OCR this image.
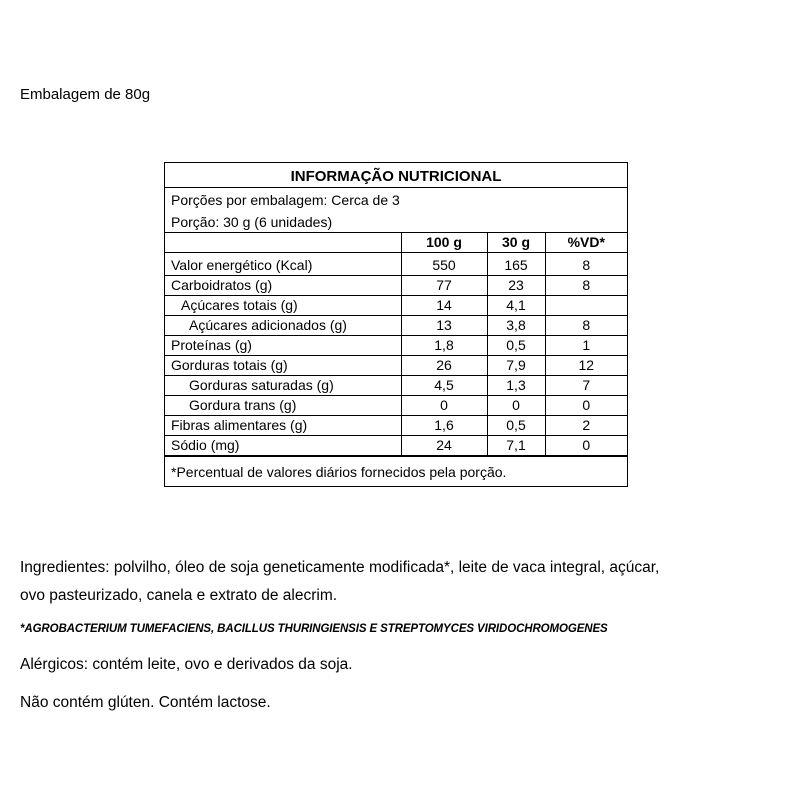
Embalagem de 80g
INFORMAÇÃO NUTRICIONAL
Porções por embalagem: Cerca de 3
Porção: 30 g (6 unidades)
	100 g	30 g	%VD*
Valor energético (Kcal)	550	165	8
Carboidratos (g)	77	23	8
Açúcares totais (g)	14	4,1	
Açúcares adicionados (g)	13	3,8	8
Proteínas (g)	1,8	0,5	1
Gorduras totais (g)	26	7,9	12
Gorduras saturadas (g)	4,5	1,3	7
Gordura trans (g)	0	0	0
Fibras alimentares (g)	1,6	0,5	2
Sódio (mg)	24	7,1	0
*Percentual de valores diários fornecidos pela porção.
Ingredientes: polvilho, óleo de soja geneticamente modificada*, leite de vaca integral, açúcar,
ovo pasteurizado, canela e extrato de alecrim.
*AGROBACTERIUM TUMEFACIENS, BACILLUS THURINGIENSIS E STREPTOMYCES VIRIDOCHROMOGENES
Alérgicos: contém leite, ovo e derivados da soja.
Não contém glúten. Contém lactose.
